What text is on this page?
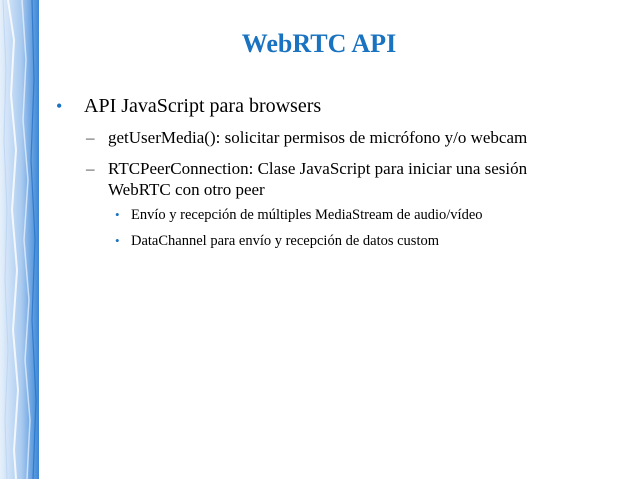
WebRTC API
• API JavaScript para browsers
– getUserMedia(): solicitar permisos de micrófono y/o webcam
– RTCPeerConnection: Clase JavaScript para iniciar una sesión
WebRTC con otro peer
• Envío y recepción de múltiples MediaStream de audio/vídeo
• DataChannel para envío y recepción de datos custom
